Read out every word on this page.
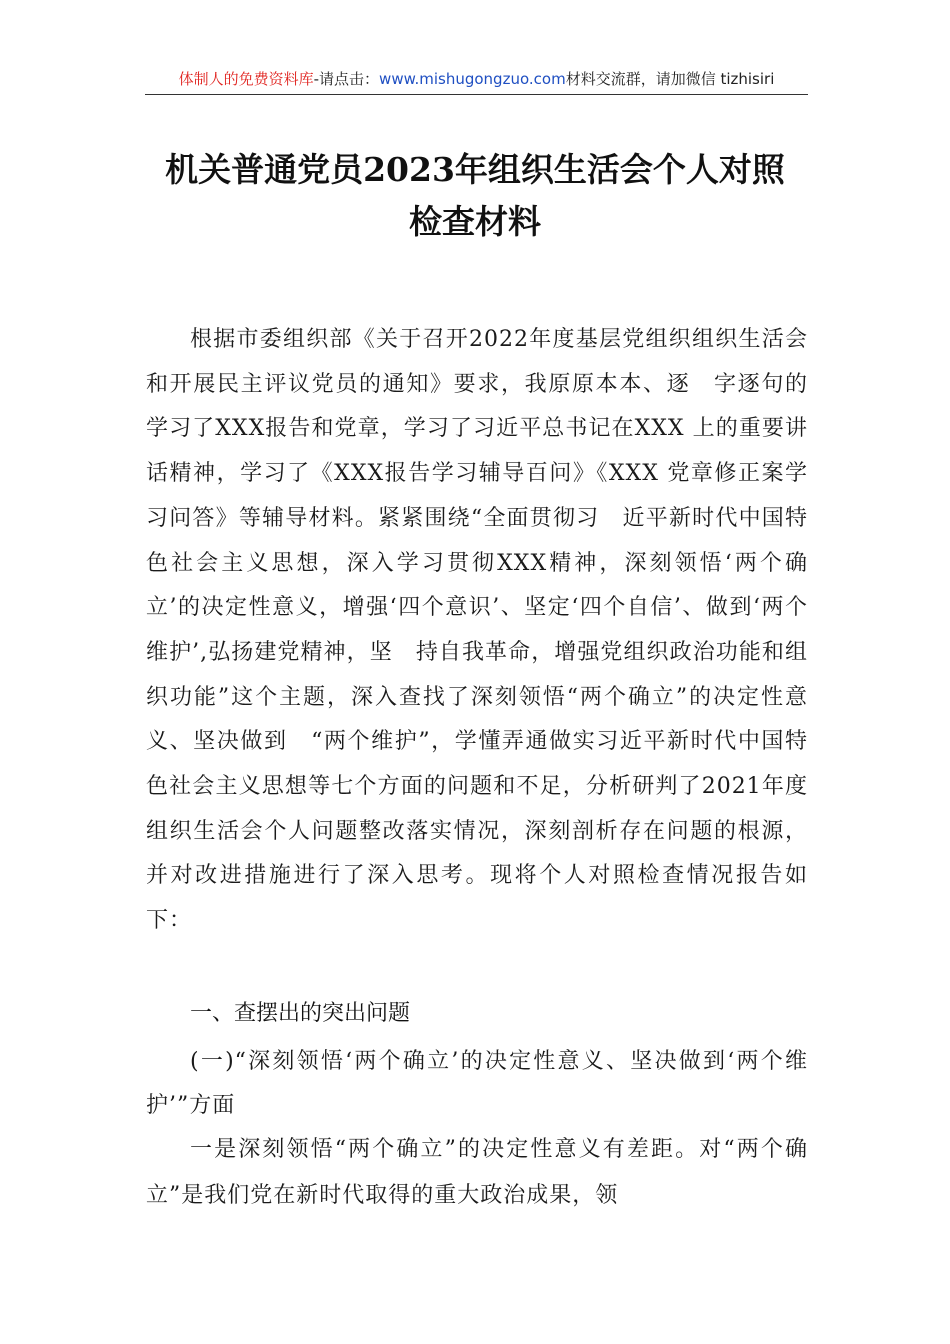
体制人的免费资料库-请点击：www.mishugongzuo.com材料交流群，请加微信 tizhisiri
机关普通党员2023年组织生活会个人对照
检查材料

根据市委组织部《关于召开2022年度基层党组织组织生活会和开展民主评议党员的通知》要求，我原原本本、逐　字逐句的学习了XXX报告和党章，学习了习近平总书记在XXX 上的重要讲话精神，学习了《XXX报告学习辅导百问》《XXX 党章修正案学习问答》等辅导材料。紧紧围绕“全面贯彻习　近平新时代中国特色社会主义思想，深入学习贯彻XXX精神，深刻领悟‘两个确立’的决定性意义，增强‘四个意识’、坚定‘四个自信’、做到‘两个维护’,弘扬建党精神，坚　持自我革命，增强党组织政治功能和组织功能”这个主题，深入查找了深刻领悟“两个确立”的决定性意义、坚决做到　“两个维护”，学懂弄通做实习近平新时代中国特色社会主义思想等七个方面的问题和不足，分析研判了2021年度组织生活会个人问题整改落实情况，深刻剖析存在问题的根源，并对改进措施进行了深入思考。现将个人对照检查情况报告如下：

一、查摆出的突出问题

(一)“深刻领悟‘两个确立’的决定性意义、坚决做到‘两个维护’”方面

一是深刻领悟“两个确立”的决定性意义有差距。对“两个确立”是我们党在新时代取得的重大政治成果，领
